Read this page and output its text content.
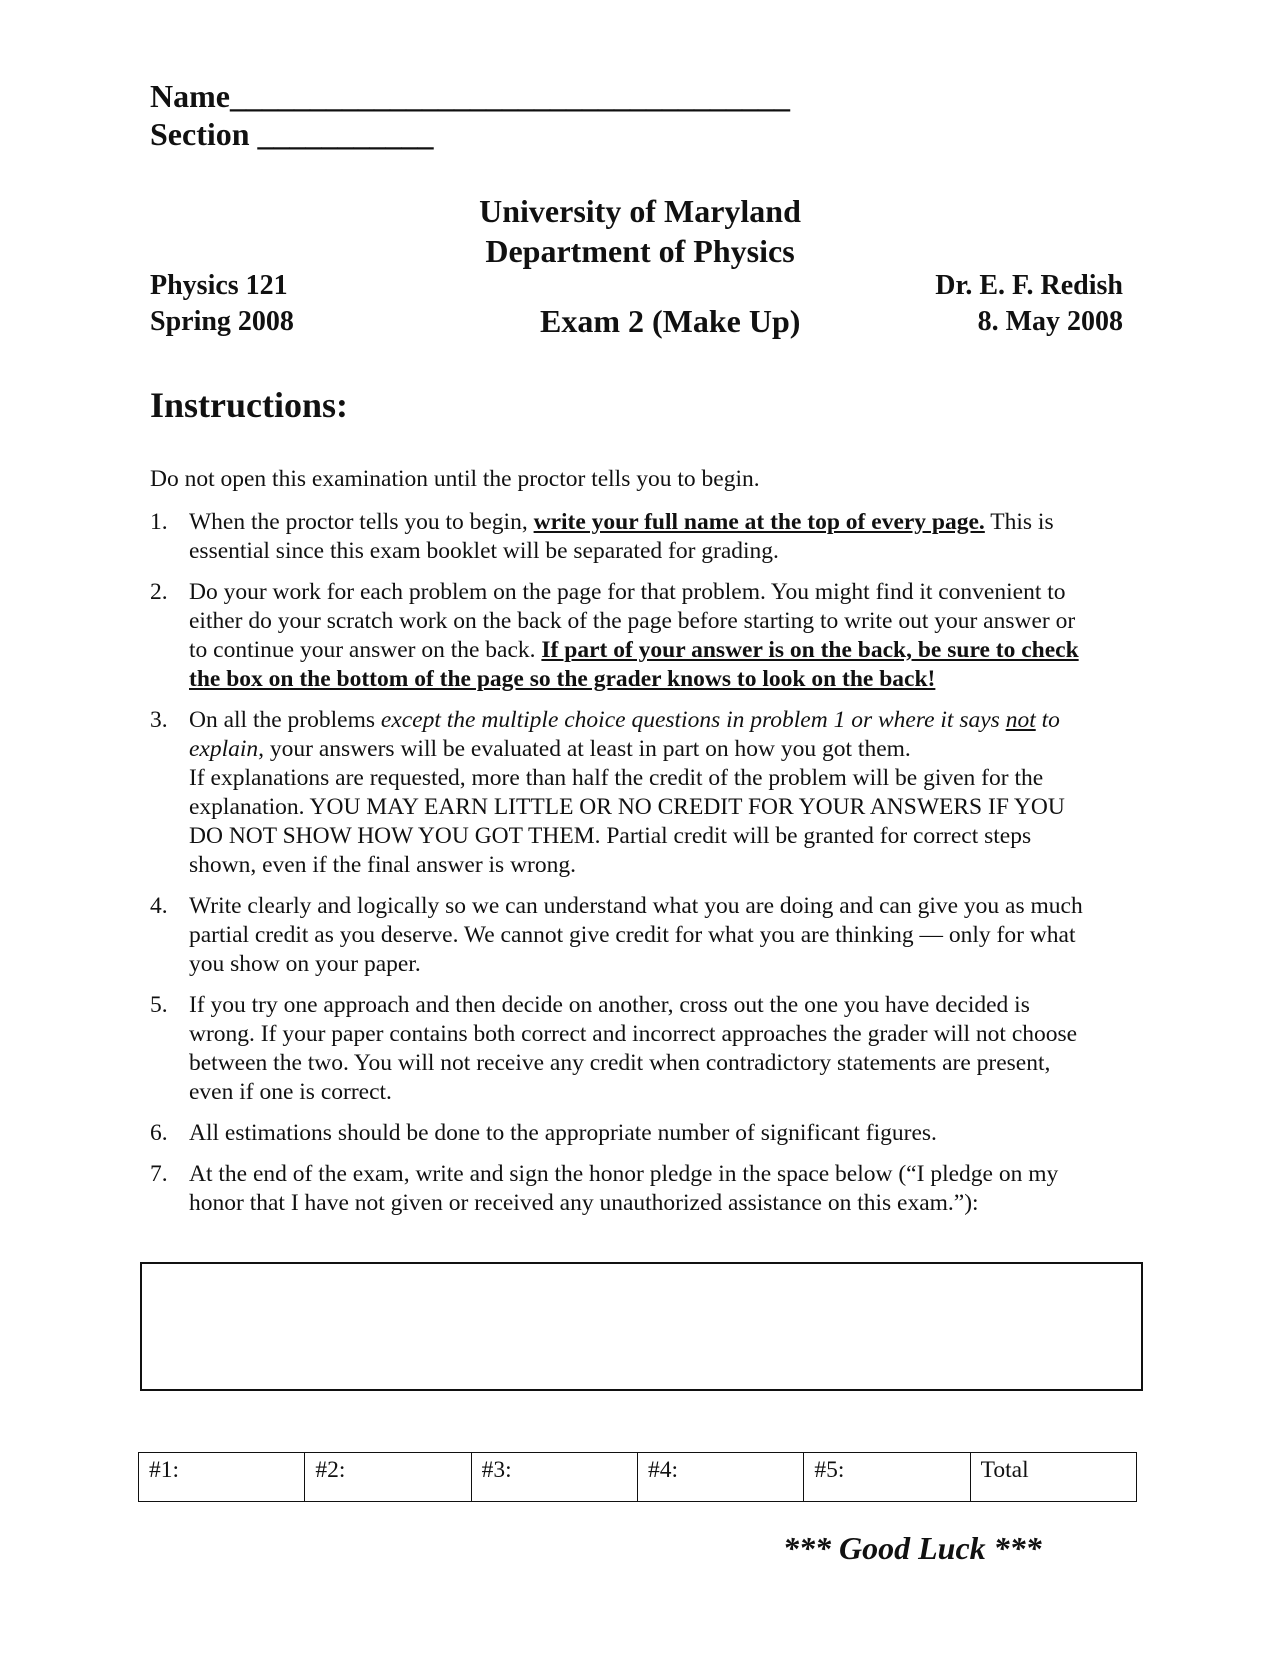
Name___________________________________
Section ___________
University of Maryland
Department of Physics
Physics 121
Spring 2008	Exam 2 (Make Up)
Dr. E. F. Redish
8. May 2008
Instructions:
Do not open this examination until the proctor tells you to begin.
1. When the proctor tells you to begin, write your full name at the top of every page. This is essential since this exam booklet will be separated for grading.
2. Do your work for each problem on the page for that problem. You might find it convenient to either do your scratch work on the back of the page before starting to write out your answer or to continue your answer on the back. If part of your answer is on the back, be sure to check the box on the bottom of the page so the grader knows to look on the back!
3. On all the problems except the multiple choice questions in problem 1 or where it says not to explain, your answers will be evaluated at least in part on how you got them.
If explanations are requested, more than half the credit of the problem will be given for the explanation. YOU MAY EARN LITTLE OR NO CREDIT FOR YOUR ANSWERS IF YOU DO NOT SHOW HOW YOU GOT THEM. Partial credit will be granted for correct steps shown, even if the final answer is wrong.
4. Write clearly and logically so we can understand what you are doing and can give you as much partial credit as you deserve. We cannot give credit for what you are thinking — only for what you show on your paper.
5. If you try one approach and then decide on another, cross out the one you have decided is wrong. If your paper contains both correct and incorrect approaches the grader will not choose between the two. You will not receive any credit when contradictory statements are present, even if one is correct.
6. All estimations should be done to the appropriate number of significant figures.
7. At the end of the exam, write and sign the honor pledge in the space below (“I pledge on my honor that I have not given or received any unauthorized assistance on this exam.”):
#1:	#2:	#3:	#4:	#5:	Total
*** Good Luck ***
